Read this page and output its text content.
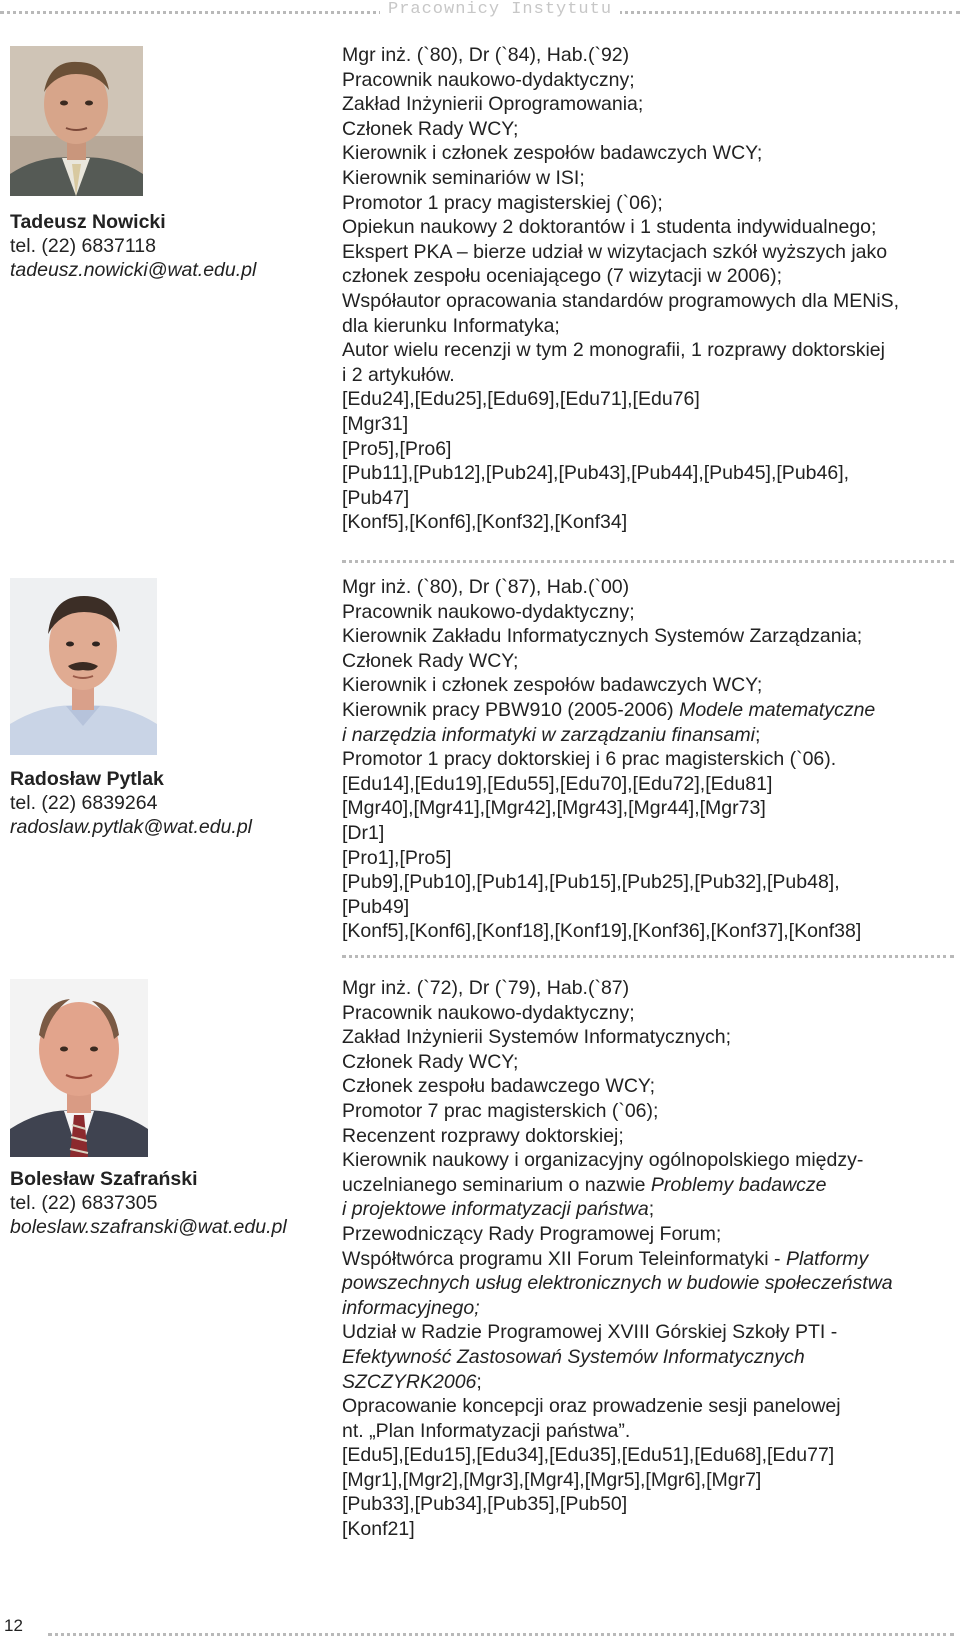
Pracownicy Instytutu
Tadeusz Nowicki
tel. (22) 6837118
tadeusz.nowicki@wat.edu.pl
Mgr inż. (`80), Dr (`84), Hab.(`92)
Pracownik naukowo-dydaktyczny;
Zakład Inżynierii Oprogramowania;
Członek Rady WCY;
Kierownik i członek zespołów badawczych WCY;
Kierownik seminariów w ISI;
Promotor 1 pracy magisterskiej (`06);
Opiekun naukowy 2 doktorantów i 1 studenta indywidualnego;
Ekspert PKA – bierze udział w wizytacjach szkół wyższych jako
członek zespołu oceniającego (7 wizytacji w 2006);
Współautor opracowania standardów programowych dla MENiS,
dla kierunku Informatyka;
Autor wielu recenzji w tym 2 monografii, 1 rozprawy doktorskiej
i 2 artykułów.
[Edu24],[Edu25],[Edu69],[Edu71],[Edu76]
[Mgr31]
[Pro5],[Pro6]
[Pub11],[Pub12],[Pub24],[Pub43],[Pub44],[Pub45],[Pub46],
[Pub47]
[Konf5],[Konf6],[Konf32],[Konf34]
Radosław Pytlak
tel. (22) 6839264
radoslaw.pytlak@wat.edu.pl
Mgr inż. (`80), Dr (`87), Hab.(`00)
Pracownik naukowo-dydaktyczny;
Kierownik Zakładu Informatycznych Systemów Zarządzania;
Członek Rady WCY;
Kierownik i członek zespołów badawczych WCY;
Kierownik pracy PBW910 (2005-2006) Modele matematyczne
i narzędzia informatyki w zarządzaniu finansami;
Promotor 1 pracy doktorskiej i 6 prac magisterskich (`06).
[Edu14],[Edu19],[Edu55],[Edu70],[Edu72],[Edu81]
[Mgr40],[Mgr41],[Mgr42],[Mgr43],[Mgr44],[Mgr73]
[Dr1]
[Pro1],[Pro5]
[Pub9],[Pub10],[Pub14],[Pub15],[Pub25],[Pub32],[Pub48],
[Pub49]
[Konf5],[Konf6],[Konf18],[Konf19],[Konf36],[Konf37],[Konf38]
Bolesław Szafrański
tel. (22) 6837305
boleslaw.szafranski@wat.edu.pl
Mgr inż. (`72), Dr (`79), Hab.(`87)
Pracownik naukowo-dydaktyczny;
Zakład Inżynierii Systemów Informatycznych;
Członek Rady WCY;
Członek zespołu badawczego WCY;
Promotor 7 prac magisterskich (`06);
Recenzent rozprawy doktorskiej;
Kierownik naukowy i organizacyjny ogólnopolskiego między-
uczelnianego seminarium o nazwie Problemy badawcze
i projektowe informatyzacji państwa;
Przewodniczący Rady Programowej Forum;
Współtwórca programu XII Forum Teleinformatyki - Platformy
powszechnych usług elektronicznych w budowie społeczeństwa
informacyjnego;
Udział w Radzie Programowej XVIII Górskiej Szkoły PTI -
Efektywność Zastosowań Systemów Informatycznych
SZCZYRK2006;
Opracowanie koncepcji oraz prowadzenie sesji panelowej
nt. „Plan Informatyzacji państwa”.
[Edu5],[Edu15],[Edu34],[Edu35],[Edu51],[Edu68],[Edu77]
[Mgr1],[Mgr2],[Mgr3],[Mgr4],[Mgr5],[Mgr6],[Mgr7]
[Pub33],[Pub34],[Pub35],[Pub50]
[Konf21]
12
